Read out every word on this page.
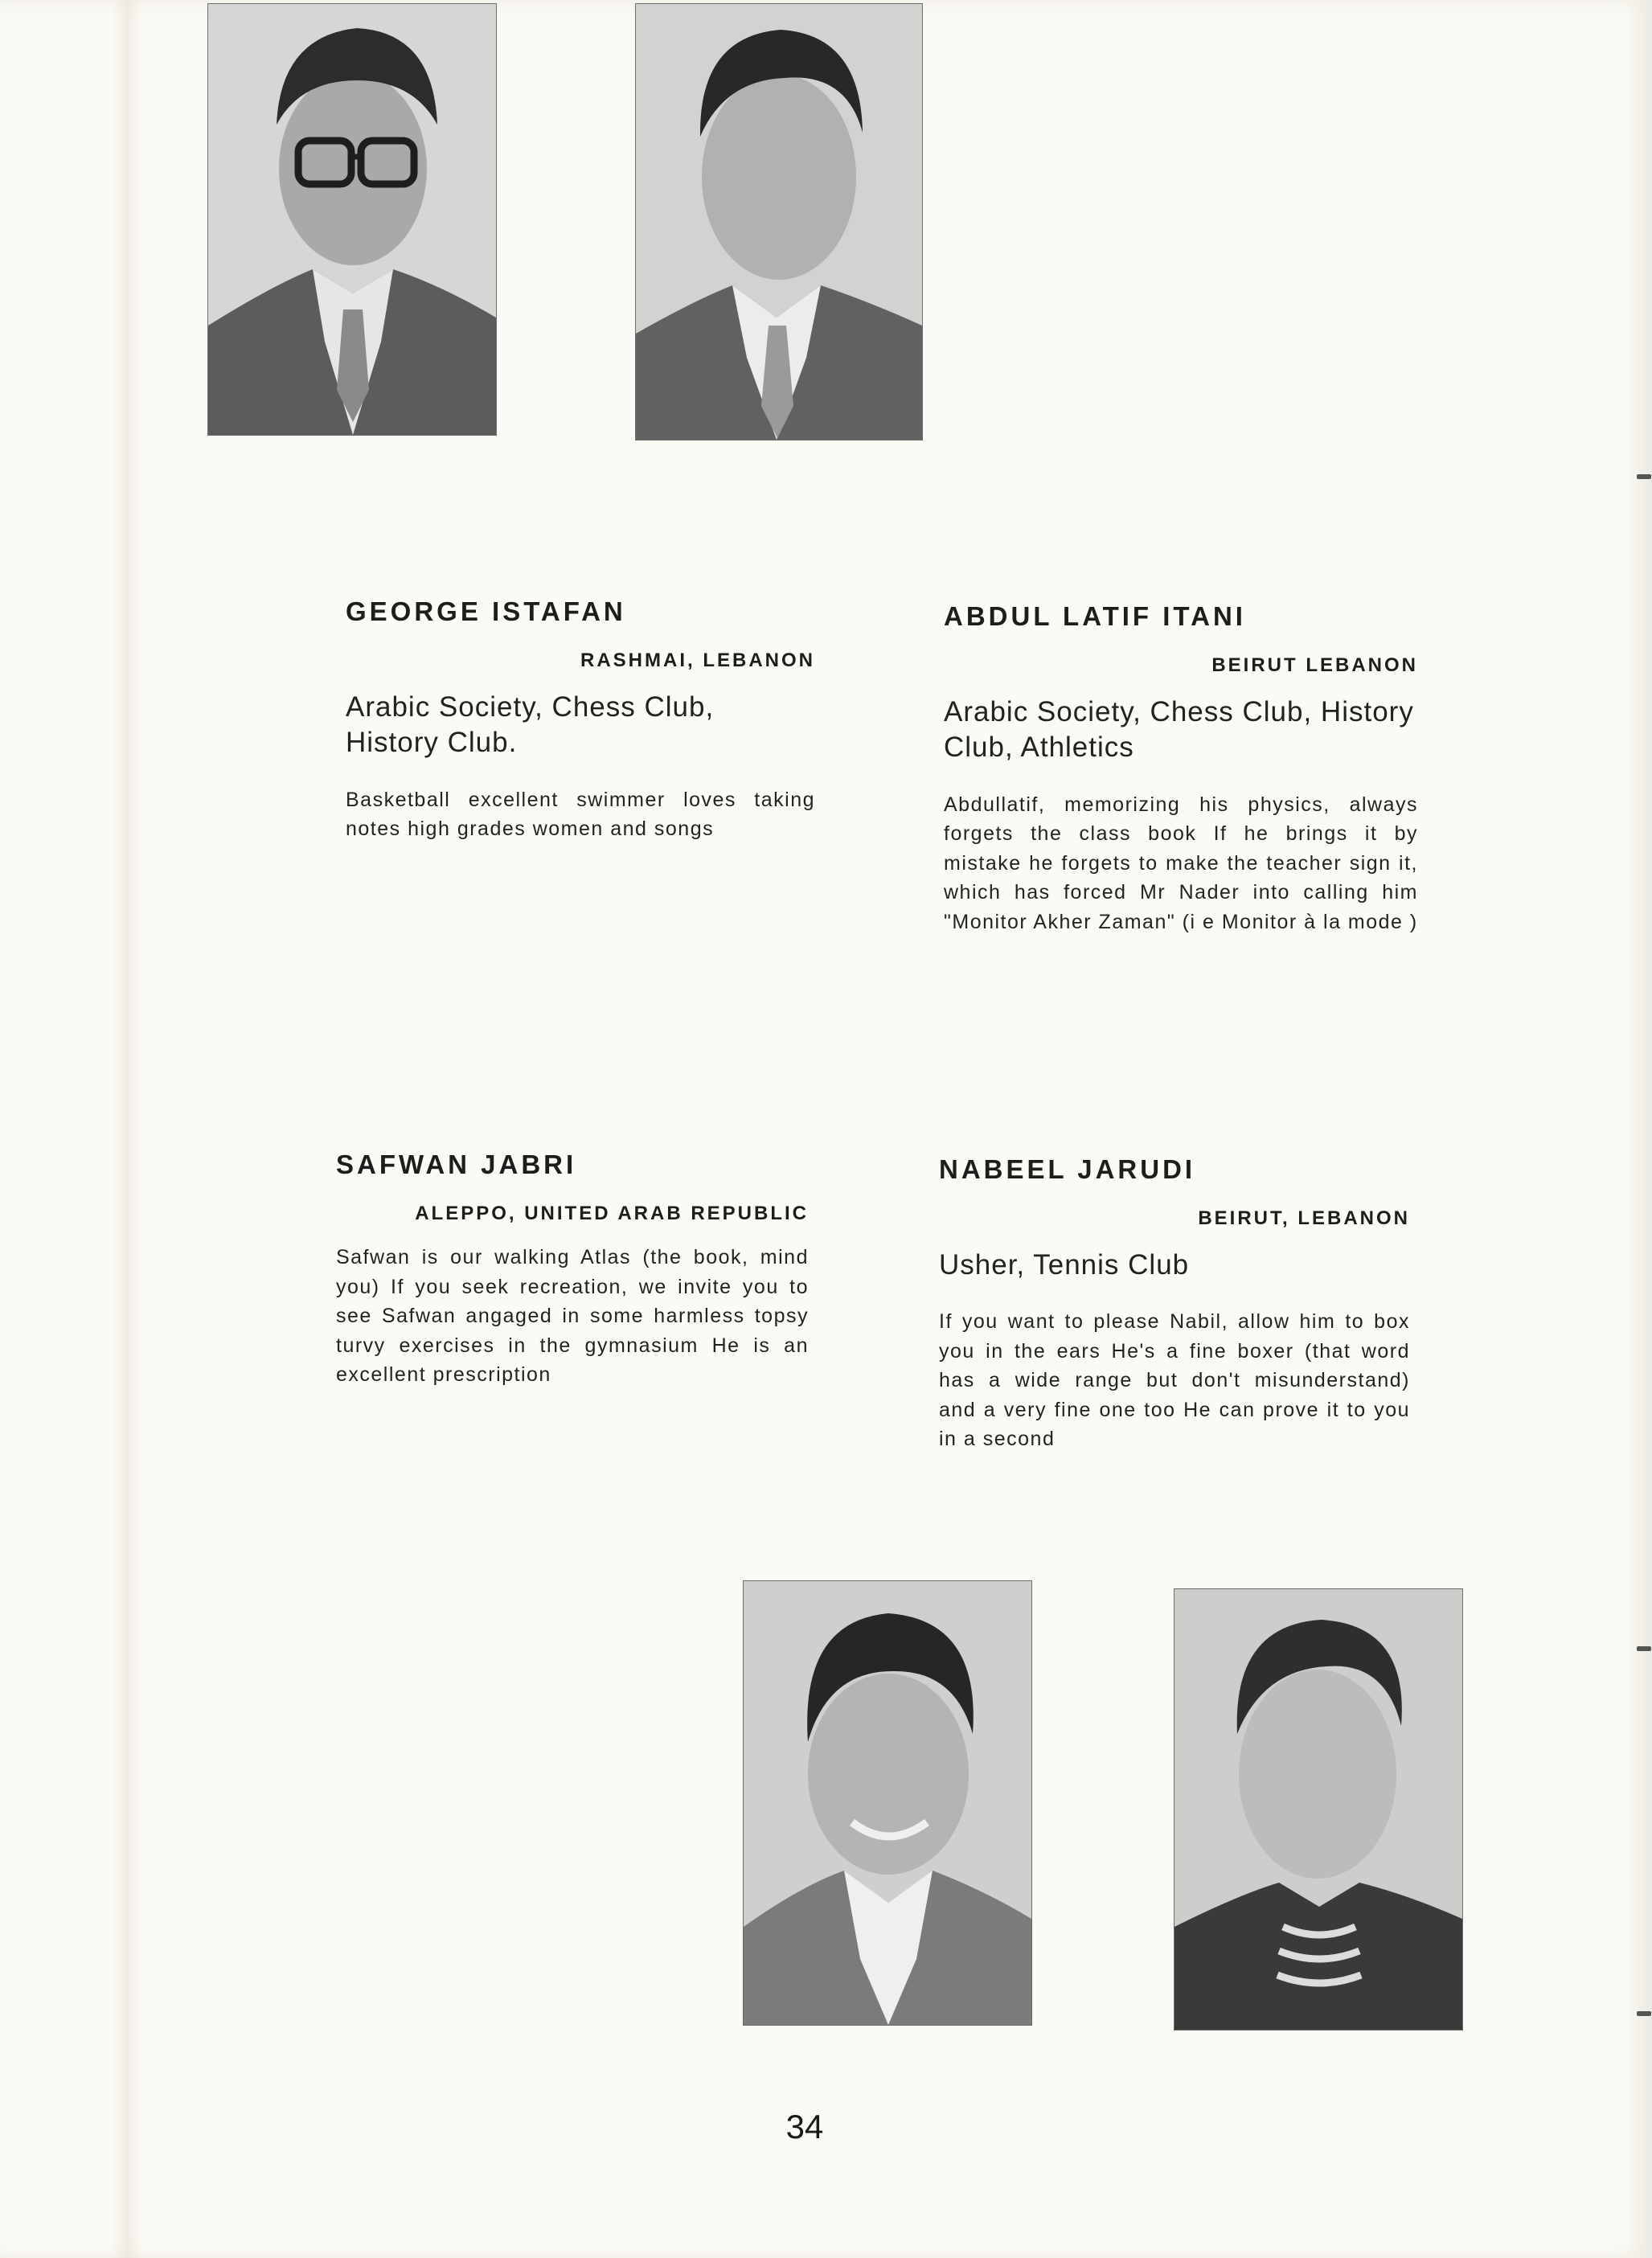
GEORGE ISTAFAN
RASHMAI, LEBANON
Arabic Society, Chess Club, History Club.

Basketball excellent swimmer loves taking notes high grades women and songs

ABDUL LATIF ITANI
BEIRUT LEBANON
Arabic Society, Chess Club, History Club, Athletics

Abdullatif, memorizing his physics, always forgets the class book If he brings it by mistake he forgets to make the teacher sign it, which has forced Mr Nader into calling him "Monitor Akher Zaman" (i e Monitor à la mode )

SAFWAN JABRI
ALEPPO, UNITED ARAB REPUBLIC

Safwan is our walking Atlas (the book, mind you) If you seek recreation, we invite you to see Safwan angaged in some harmless topsy turvy exercises in the gymnasium He is an excellent prescription

NABEEL JARUDI
BEIRUT, LEBANON
Usher, Tennis Club

If you want to please Nabil, allow him to box you in the ears He's a fine boxer (that word has a wide range but don't misunderstand) and a very fine one too He can prove it to you in a second

34
